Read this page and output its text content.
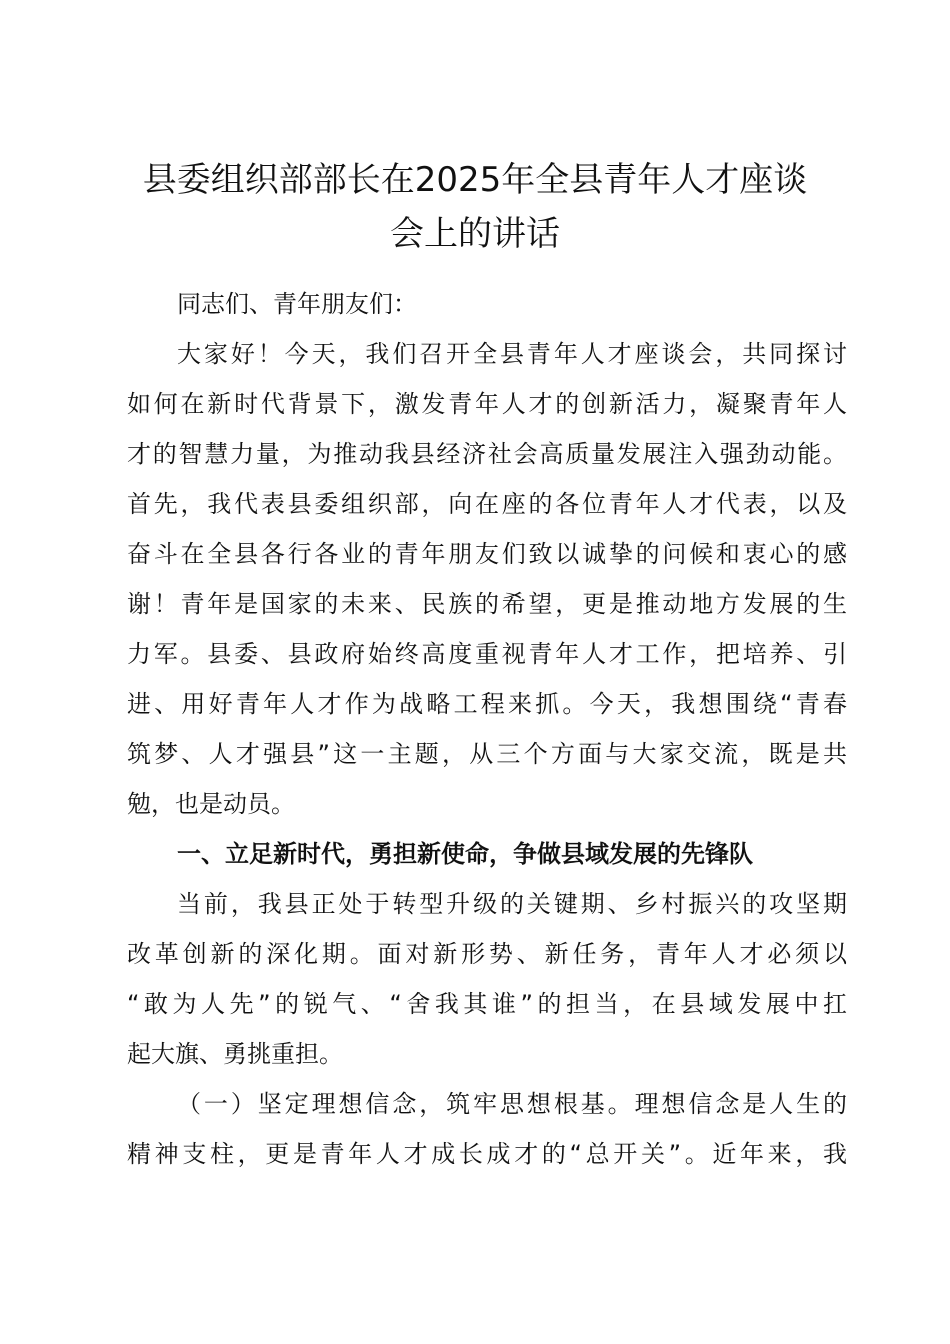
县委组织部部长在2025年全县青年人才座谈
会上的讲话
同志们、青年朋友们：
大家好！今天，我们召开全县青年人才座谈会，共同探讨
如何在新时代背景下，激发青年人才的创新活力，凝聚青年人
才的智慧力量，为推动我县经济社会高质量发展注入强劲动能。
首先，我代表县委组织部，向在座的各位青年人才代表，以及
奋斗在全县各行各业的青年朋友们致以诚挚的问候和衷心的感
谢！青年是国家的未来、民族的希望，更是推动地方发展的生
力军。县委、县政府始终高度重视青年人才工作，把培养、引
进、用好青年人才作为战略工程来抓。今天，我想围绕“青春
筑梦、人才强县”这一主题，从三个方面与大家交流，既是共
勉，也是动员。
一、立足新时代，勇担新使命，争做县域发展的先锋队
当前，我县正处于转型升级的关键期、乡村振兴的攻坚期
改革创新的深化期。面对新形势、新任务，青年人才必须以
“敢为人先”的锐气、“舍我其谁”的担当，在县域发展中扛
起大旗、勇挑重担。
（一）坚定理想信念，筑牢思想根基。理想信念是人生的
精神支柱，更是青年人才成长成才的“总开关”。近年来，我
